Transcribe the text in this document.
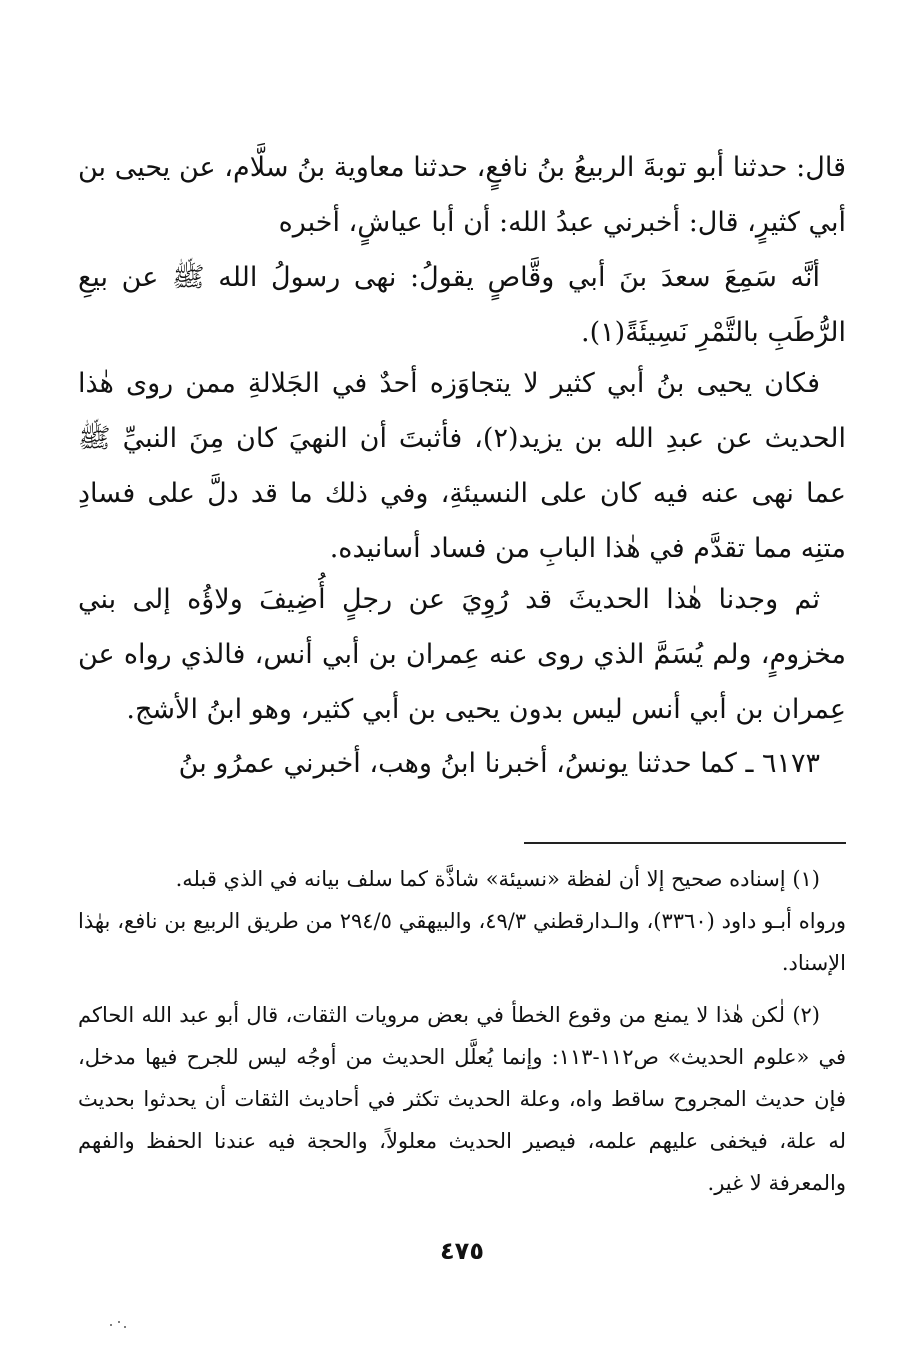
قال: حدثنا أبو توبةَ الربيعُ بنُ نافعٍ، حدثنا معاوية بنُ سلَّام، عن يحيى بن أبي كثيرٍ، قال: أخبرني عبدُ الله: أن أبا عياشٍ، أخبره

أنَّه سَمِعَ سعدَ بنَ أبي وقَّاصٍ يقولُ: نهى رسولُ الله ﷺ عن بيعِ الرُّطَبِ بالتَّمْرِ نَسِيئَةً(١).

فكان يحيى بنُ أبي كثير لا يتجاوَزه أحدٌ في الجَلالةِ ممن روى هٰذا الحديث عن عبدِ الله بن يزيد(٢)، فأثبتَ أن النهيَ كان مِنَ النبيِّ ﷺ عما نهى عنه فيه كان على النسيئةِ، وفي ذلك ما قد دلَّ على فسادِ متنِه مما تقدَّم في هٰذا البابِ من فساد أسانيده.

ثم وجدنا هٰذا الحديثَ قد رُوِيَ عن رجلٍ أُضِيفَ ولاؤُه إلى بني مخزومٍ، ولم يُسَمَّ الذي روى عنه عِمران بن أبي أنس، فالذي رواه عن عِمران بن أبي أنس ليس بدون يحيى بن أبي كثير، وهو ابنُ الأشج.

٦١٧٣ ـ كما حدثنا يونسُ، أخبرنا ابنُ وهب، أخبرني عمرُو بنُ

(١) إسناده صحيح إلا أن لفظة «نسيئة» شاذَّة كما سلف بيانه في الذي قبله.

ورواه أبـو داود (٣٣٦٠)، والـدارقطني ٤٩/٣، والبيهقي ٢٩٤/٥ من طريق الربيع بن نافع، بهٰذا الإسناد.

(٢) لٰكن هٰذا لا يمنع من وقوع الخطأ في بعض مرويات الثقات، قال أبو عبد الله الحاكم في «علوم الحديث» ص١١٢-١١٣: وإنما يُعلَّل الحديث من أوجُه ليس للجرح فيها مدخل، فإن حديث المجروح ساقط واه، وعلة الحديث تكثر في أحاديث الثقات أن يحدثوا بحديث له علة، فيخفى عليهم علمه، فيصير الحديث معلولاً، والحجة فيه عندنا الحفظ والفهم والمعرفة لا غير.

٤٧٥
